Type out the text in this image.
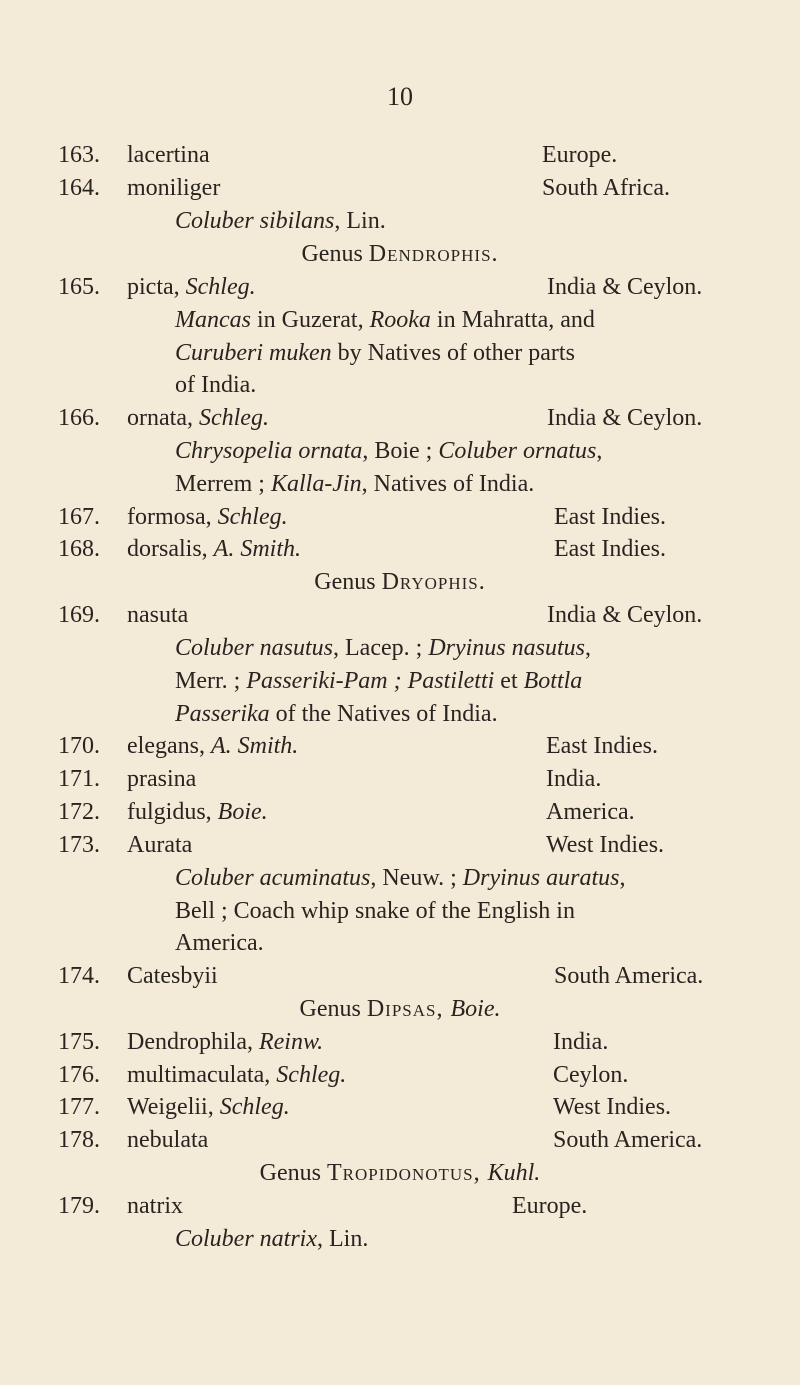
10
163. lacertina	Europe.
164. moniliger	South Africa.
Coluber sibilans, Lin.
Genus Dendrophis.
165. picta, Schleg.	India & Ceylon.
Mancas in Guzerat, Rooka in Mahratta, and
Curuberi muken by Natives of other parts
of India.
166. ornata, Schleg.	India & Ceylon.
Chrysopelia ornata, Boie ; Coluber ornatus,
Merrem ; Kalla-Jin, Natives of India.
167. formosa, Schleg.	East Indies.
168. dorsalis, A. Smith.	East Indies.
Genus Dryophis.
169. nasuta	India & Ceylon.
Coluber nasutus, Lacep. ; Dryinus nasutus,
Merr. ; Passeriki-Pam ; Pastiletti et Bottla
Passerika of the Natives of India.
170. elegans, A. Smith.	East Indies.
171. prasina	India.
172. fulgidus, Boie.	America.
173. Aurata	West Indies.
Coluber acuminatus, Neuw. ; Dryinus auratus,
Bell ; Coach whip snake of the English in
America.
174. Catesbyii	South America.
Genus Dipsas, Boie.
175. Dendrophila, Reinw.	India.
176. multimaculata, Schleg.	Ceylon.
177. Weigelii, Schleg.	West Indies.
178. nebulata	South America.
Genus Tropidonotus, Kuhl.
179. natrix	Europe.
Coluber natrix, Lin.
